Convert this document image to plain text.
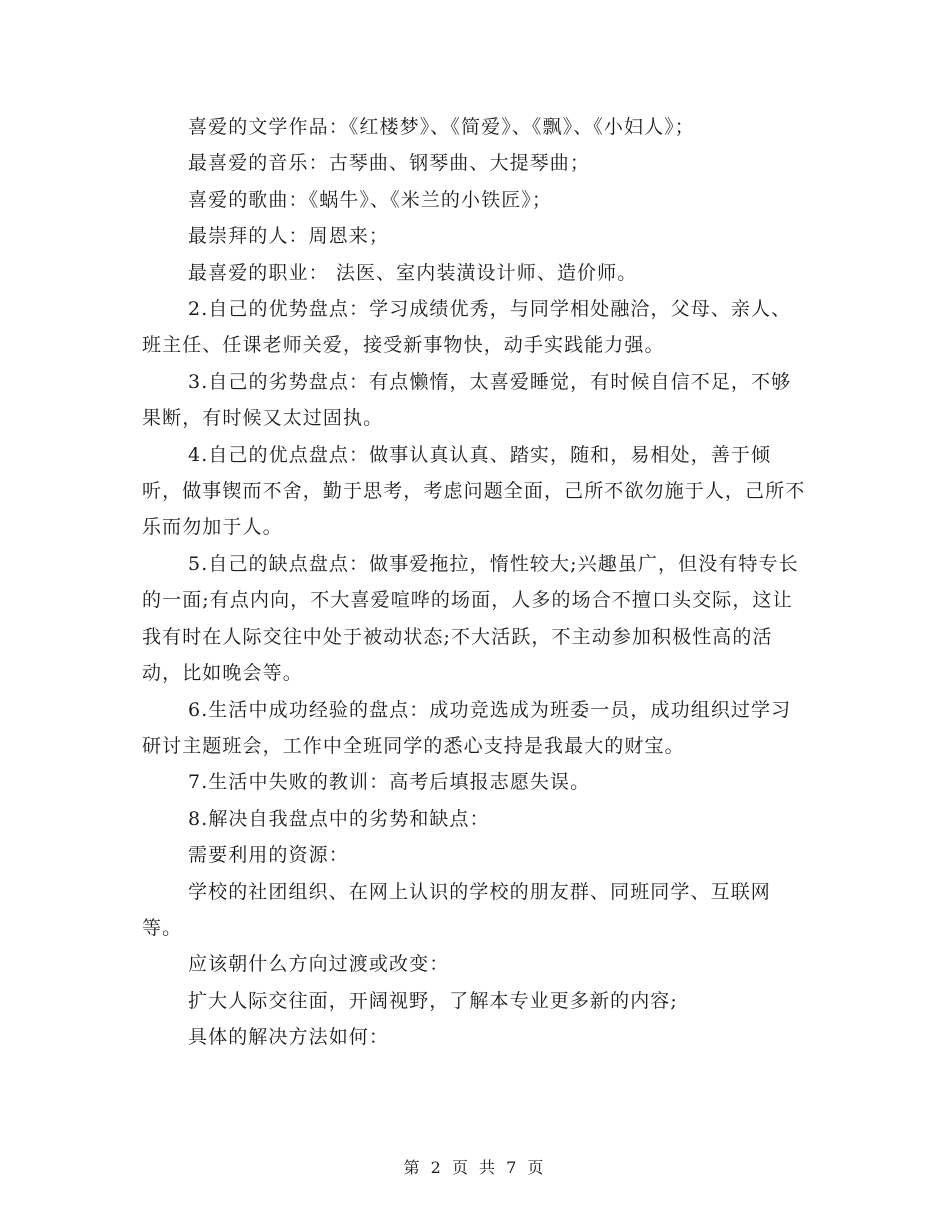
喜爱的文学作品：《红楼梦》、《简爱》、《飘》、《小妇人》；

最喜爱的音乐：古琴曲、钢琴曲、大提琴曲；

喜爱的歌曲：《蜗牛》、《米兰的小铁匠》；

最崇拜的人：周恩来；

最喜爱的职业： 法医、室内装潢设计师、造价师。

2.自己的优势盘点：学习成绩优秀，与同学相处融洽，父母、亲人、班主任、任课老师关爱，接受新事物快，动手实践能力强。

3.自己的劣势盘点：有点懒惰，太喜爱睡觉，有时候自信不足，不够果断，有时候又太过固执。

4.自己的优点盘点：做事认真认真、踏实，随和，易相处，善于倾听，做事锲而不舍，勤于思考，考虑问题全面，己所不欲勿施于人，己所不乐而勿加于人。

5.自己的缺点盘点：做事爱拖拉，惰性较大;兴趣虽广，但没有特专长的一面;有点内向，不大喜爱喧哗的场面，人多的场合不擅口头交际，这让我有时在人际交往中处于被动状态;不大活跃，不主动参加积极性高的活动，比如晚会等。

6.生活中成功经验的盘点：成功竞选成为班委一员，成功组织过学习研讨主题班会，工作中全班同学的悉心支持是我最大的财宝。

7.生活中失败的教训：高考后填报志愿失误。

8.解决自我盘点中的劣势和缺点：

需要利用的资源：

学校的社团组织、在网上认识的学校的朋友群、同班同学、互联网等。

应该朝什么方向过渡或改变：

扩大人际交往面，开阔视野，了解本专业更多新的内容;

具体的解决方法如何：

第 2 页 共 7 页
